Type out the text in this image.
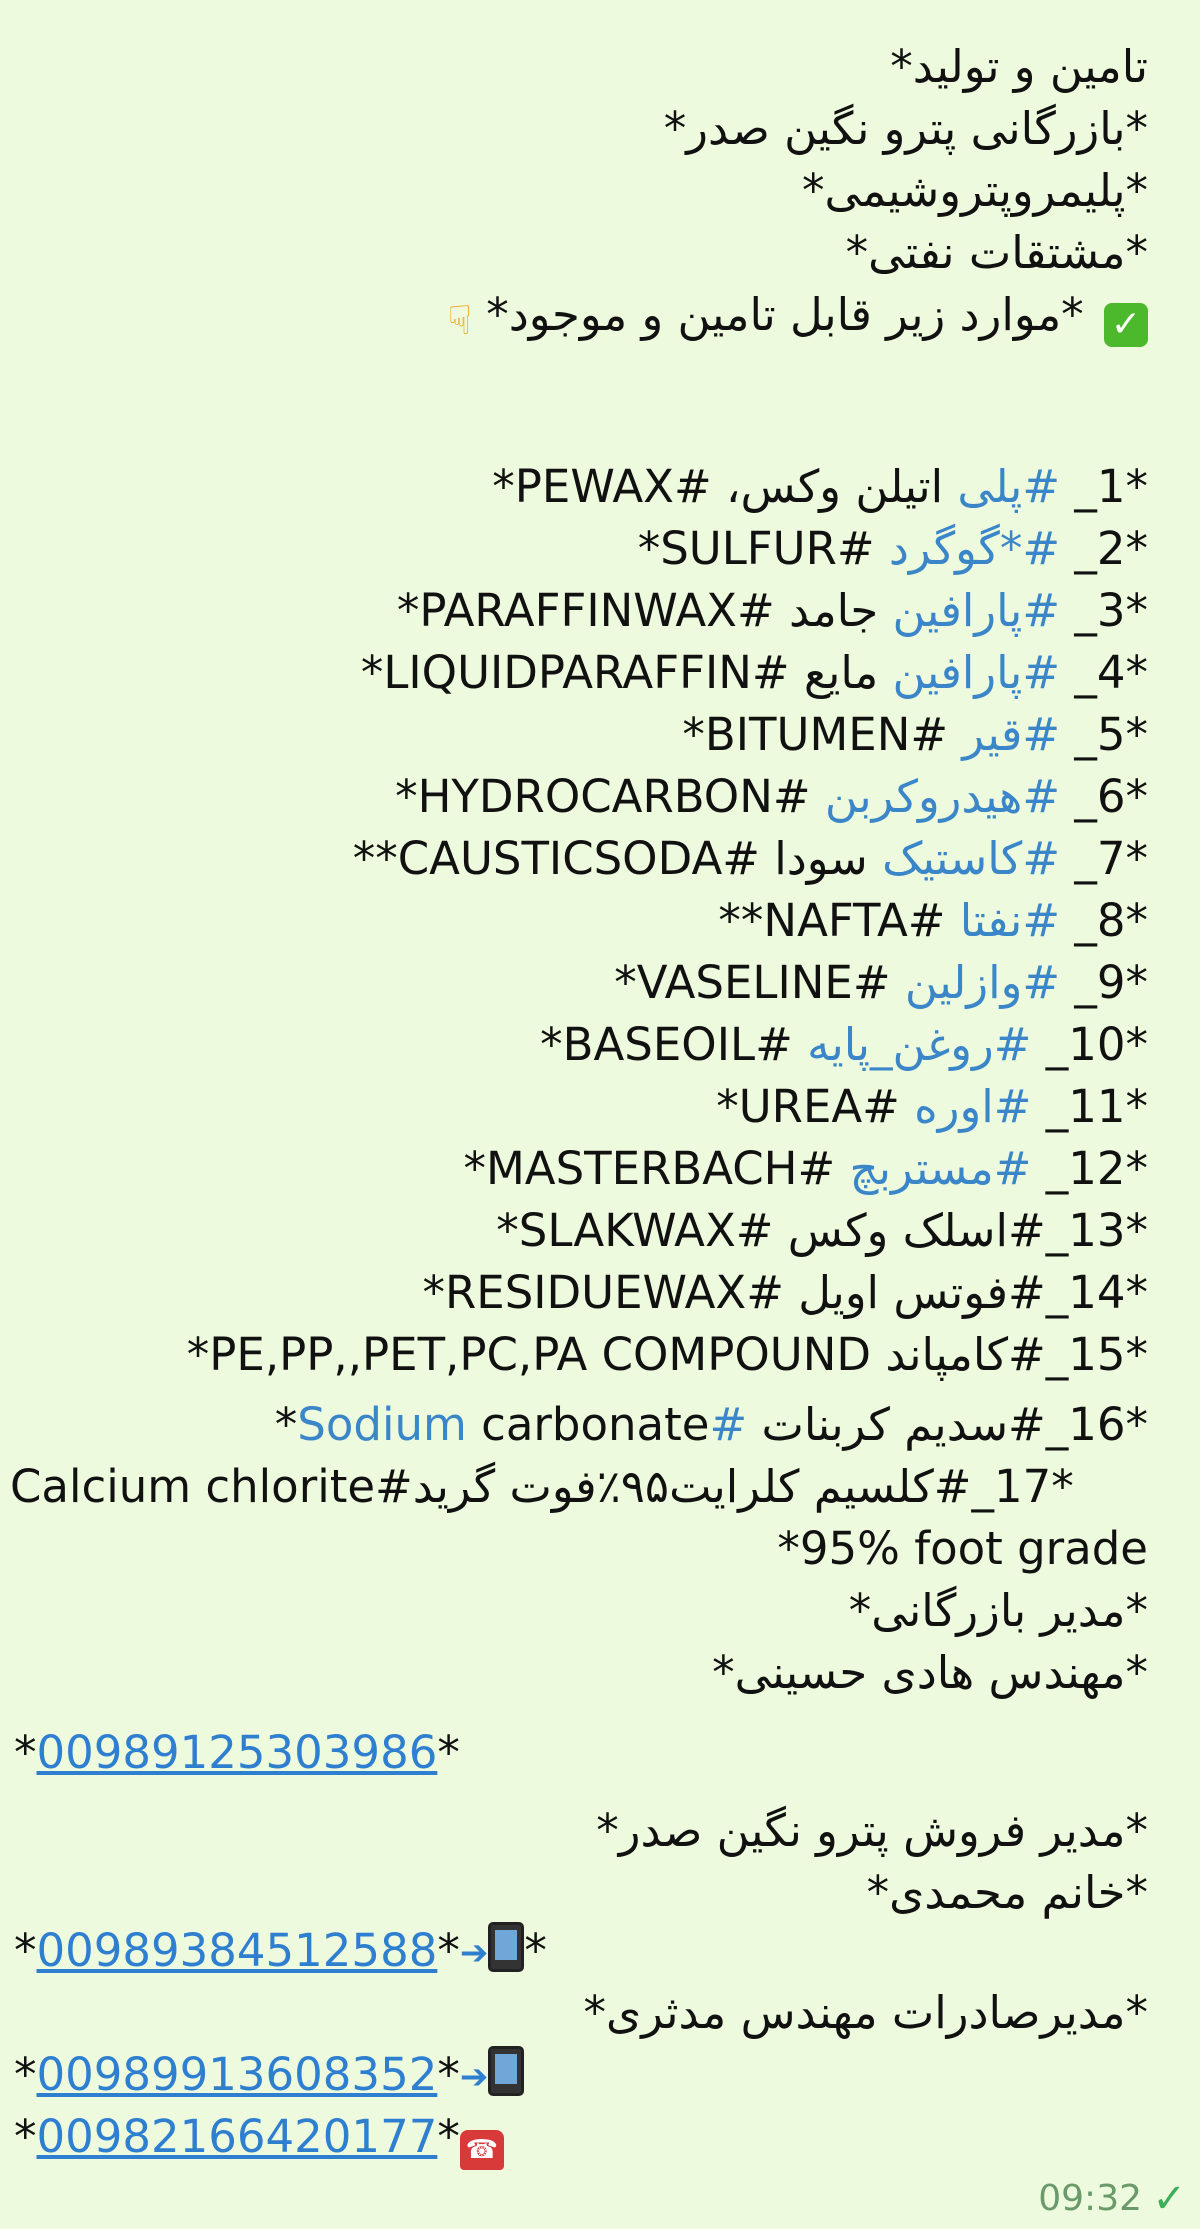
تامین و تولید*
*بازرگانی پترو نگین صدر*
*پلیمروپتروشیمی*
*مشتقات نفتی*
✓ *موارد زیر قابل تامین و موجود* ☟
*1_ #پلی اتیلن وکس، #PEWAX*
*2_ #*گوگرد #SULFUR*
*3_ #پارافین جامد #PARAFFINWAX*
*4_ #پارافین مایع #LIQUIDPARAFFIN*
*5_ #قیر #BITUMEN*
*6_ #هیدروکربن #HYDROCARBON*
*7_ #کاستیک سودا #CAUSTICSODA**
*8_ #نفتا #NAFTA**
*9_ #وازلین #VASELINE*
*10_ #روغن_پایه #BASEOIL*
*11_ #اوره #UREA*
*12_ #مستربچ #MASTERBACH*
*13_#اسلک وکس #SLAKWAX*
*14_#فوتس اویل #RESIDUEWAX*
*15_#کامپاند PE,PP,,PET,PC,PA COMPOUND*
*16_#سدیم کربنات #Sodium carbonate*
*17_#کلسیم کلرایت۹۵٪فوت گرید#Calcium chlorite
*95% foot grade
*مدیر بازرگانی*
*مهندس هادی حسینی*
*00989125303986*
*مدیر فروش پترو نگین صدر*
*خانم محمدی*
*00989384512588*➔ *
*مدیرصادرات مهندس مدثری*
*00989913608352*➔
*00982166420177* ☎
09:32 ✓
